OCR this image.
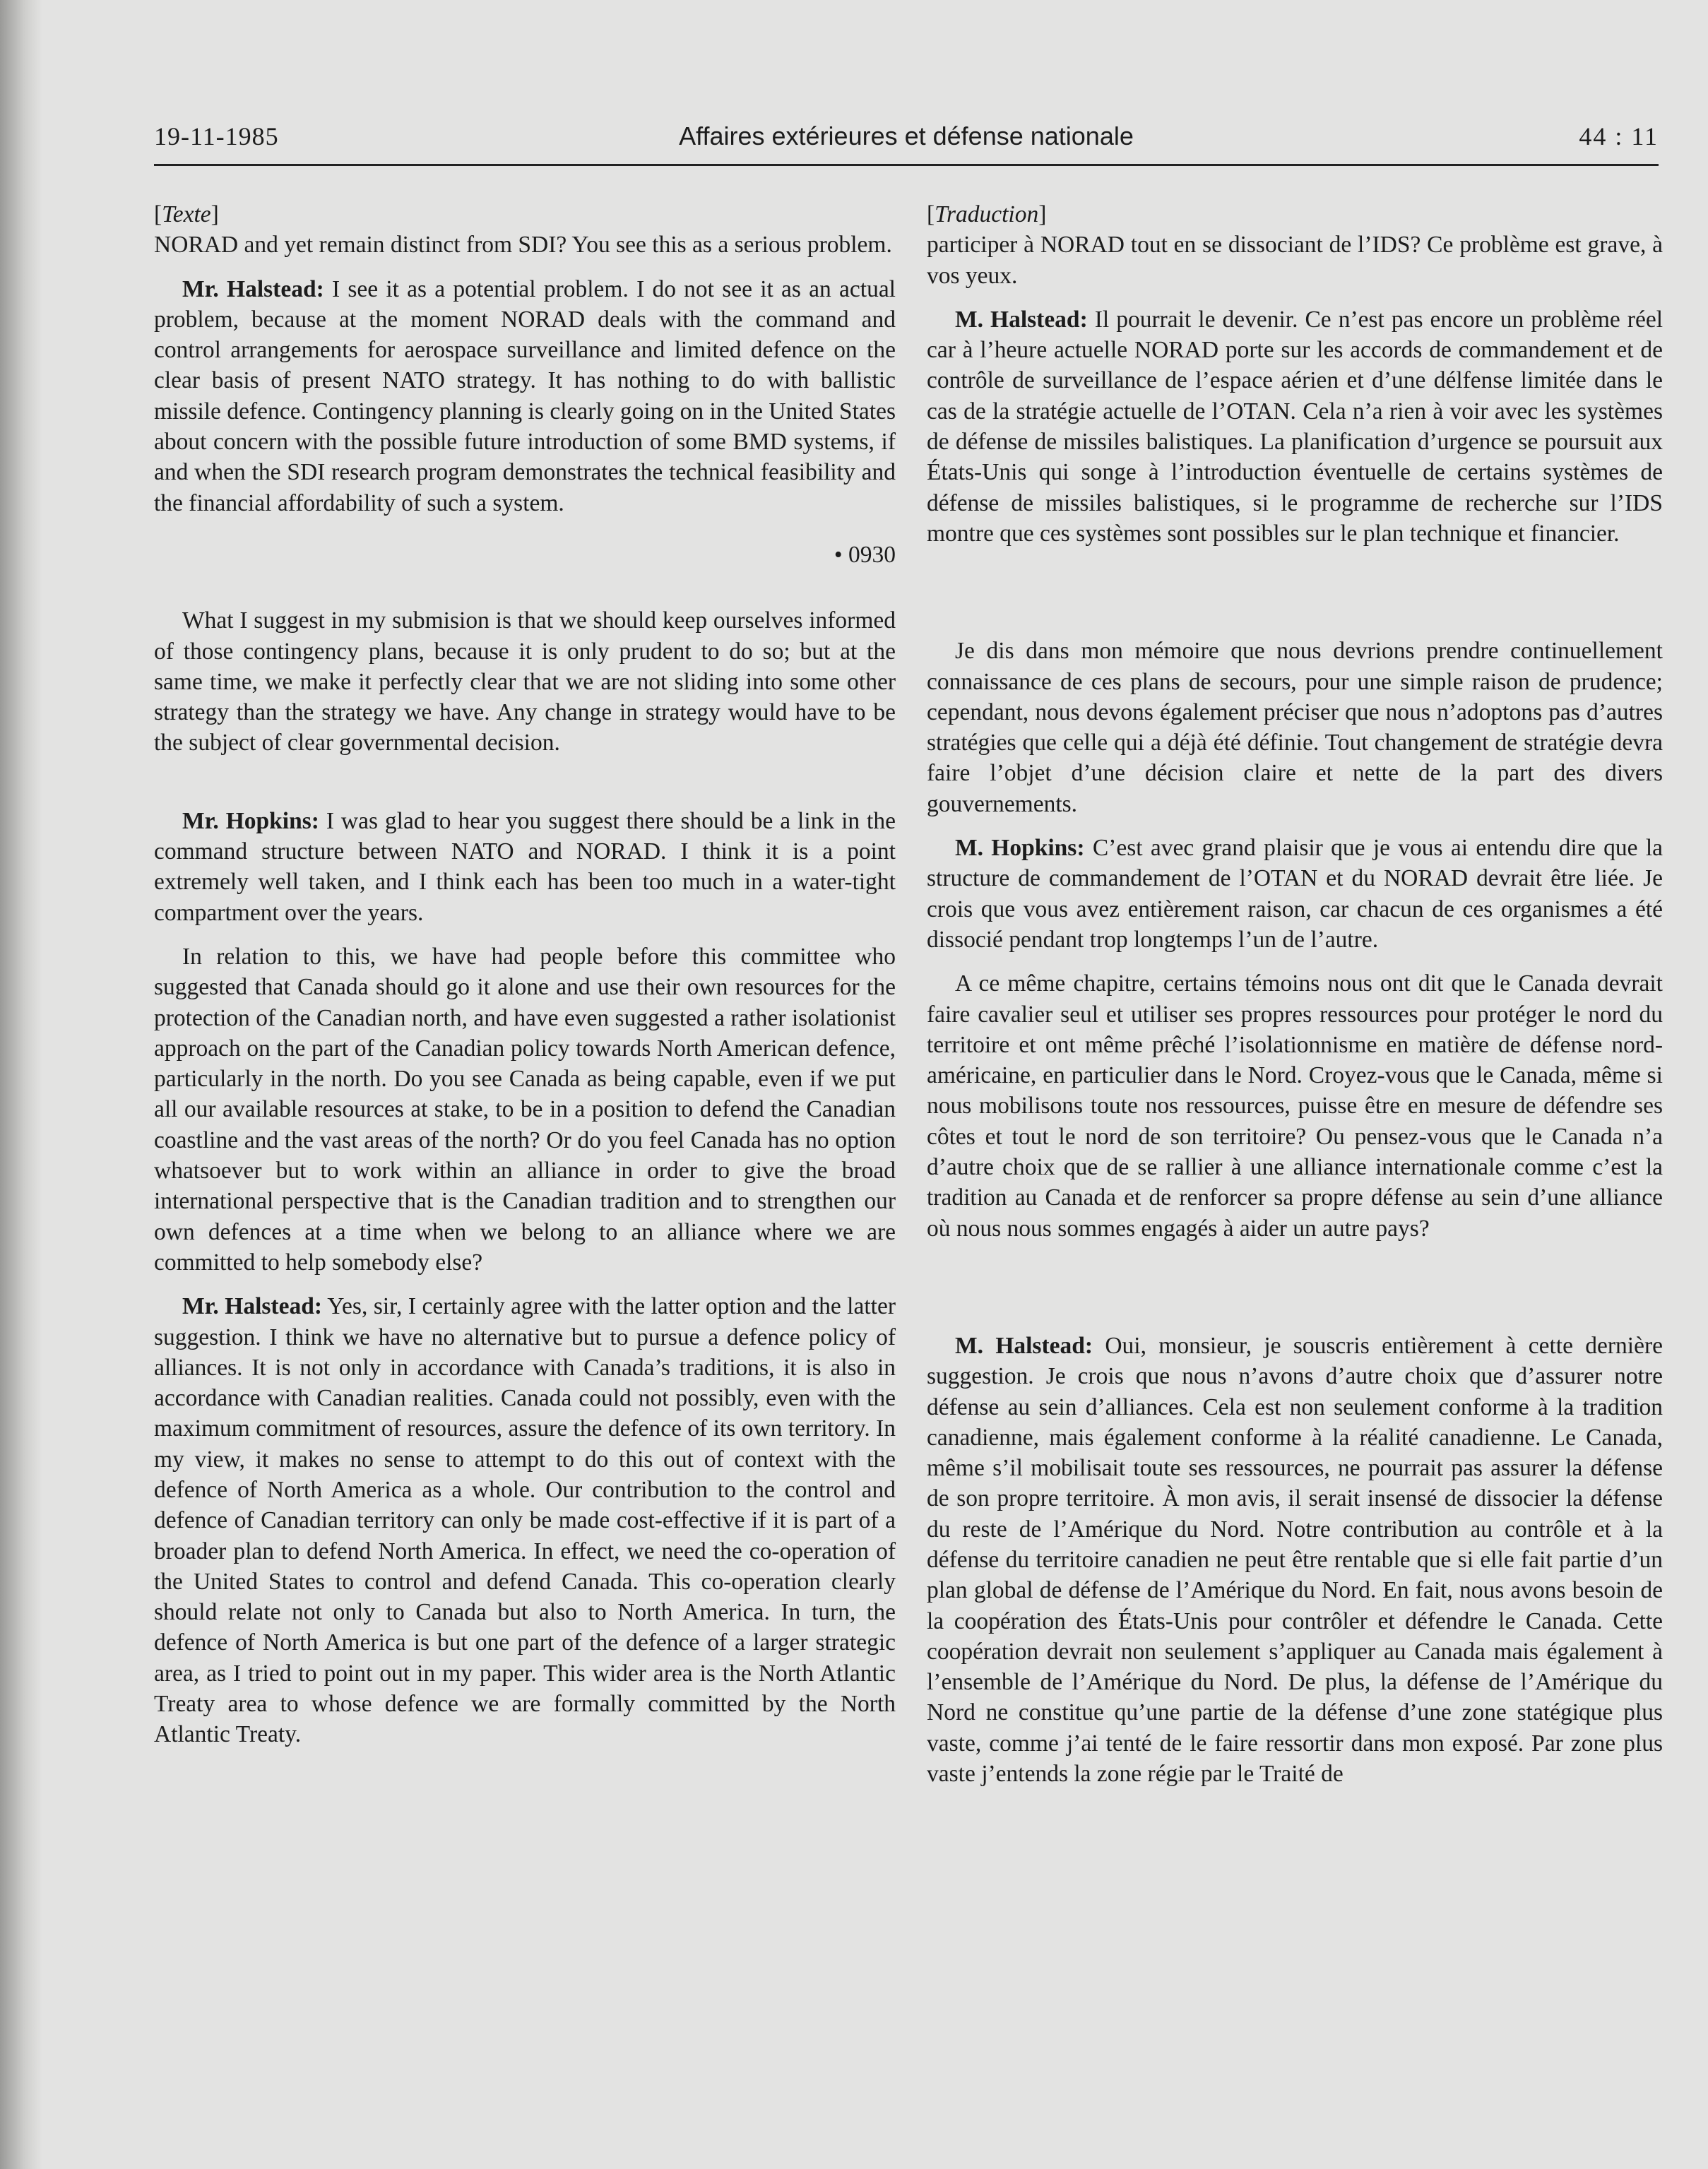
19-11-1985	Affaires extérieures et défense nationale	44 : 11

[Texte]

NORAD and yet remain distinct from SDI? You see this as a serious problem.

Mr. Halstead: I see it as a potential problem. I do not see it as an actual problem, because at the moment NORAD deals with the command and control arrangements for aerospace surveillance and limited defence on the clear basis of present NATO strategy. It has nothing to do with ballistic missile defence. Contingency planning is clearly going on in the United States about concern with the possible future introduction of some BMD systems, if and when the SDI research program demonstrates the technical feasibility and the financial affordability of such a system.

• 0930

What I suggest in my submision is that we should keep ourselves informed of those contingency plans, because it is only prudent to do so; but at the same time, we make it perfectly clear that we are not sliding into some other strategy than the strategy we have. Any change in strategy would have to be the subject of clear governmental decision.

Mr. Hopkins: I was glad to hear you suggest there should be a link in the command structure between NATO and NORAD. I think it is a point extremely well taken, and I think each has been too much in a water-tight compartment over the years.

In relation to this, we have had people before this committee who suggested that Canada should go it alone and use their own resources for the protection of the Canadian north, and have even suggested a rather isolationist approach on the part of the Canadian policy towards North American defence, particularly in the north. Do you see Canada as being capable, even if we put all our available resources at stake, to be in a position to defend the Canadian coastline and the vast areas of the north? Or do you feel Canada has no option whatsoever but to work within an alliance in order to give the broad international perspective that is the Canadian tradition and to strengthen our own defences at a time when we belong to an alliance where we are committed to help somebody else?

Mr. Halstead: Yes, sir, I certainly agree with the latter option and the latter suggestion. I think we have no alternative but to pursue a defence policy of alliances. It is not only in accordance with Canada’s traditions, it is also in accordance with Canadian realities. Canada could not possibly, even with the maximum commitment of resources, assure the defence of its own territory. In my view, it makes no sense to attempt to do this out of context with the defence of North America as a whole. Our contribution to the control and defence of Canadian territory can only be made cost-effective if it is part of a broader plan to defend North America. In effect, we need the co-operation of the United States to control and defend Canada. This co-operation clearly should relate not only to Canada but also to North America. In turn, the defence of North America is but one part of the defence of a larger strategic area, as I tried to point out in my paper. This wider area is the North Atlantic Treaty area to whose defence we are formally committed by the North Atlantic Treaty.

[Traduction]

participer à NORAD tout en se dissociant de l’IDS? Ce problème est grave, à vos yeux.

M. Halstead: Il pourrait le devenir. Ce n’est pas encore un problème réel car à l’heure actuelle NORAD porte sur les accords de commandement et de contrôle de surveillance de l’espace aérien et d’une délfense limitée dans le cas de la stratégie actuelle de l’OTAN. Cela n’a rien à voir avec les systèmes de défense de missiles balistiques. La planification d’urgence se poursuit aux États-Unis qui songe à l’introduction éventuelle de certains systèmes de défense de missiles balistiques, si le programme de recherche sur l’IDS montre que ces systèmes sont possibles sur le plan technique et financier.

Je dis dans mon mémoire que nous devrions prendre continuellement connaissance de ces plans de secours, pour une simple raison de prudence; cependant, nous devons également préciser que nous n’adoptons pas d’autres stratégies que celle qui a déjà été définie. Tout changement de stratégie devra faire l’objet d’une décision claire et nette de la part des divers gouvernements.

M. Hopkins: C’est avec grand plaisir que je vous ai entendu dire que la structure de commandement de l’OTAN et du NORAD devrait être liée. Je crois que vous avez entièrement raison, car chacun de ces organismes a été dissocié pendant trop longtemps l’un de l’autre.

A ce même chapitre, certains témoins nous ont dit que le Canada devrait faire cavalier seul et utiliser ses propres ressources pour protéger le nord du territoire et ont même prêché l’isolationnisme en matière de défense nord-américaine, en particulier dans le Nord. Croyez-vous que le Canada, même si nous mobilisons toute nos ressources, puisse être en mesure de défendre ses côtes et tout le nord de son territoire? Ou pensez-vous que le Canada n’a d’autre choix que de se rallier à une alliance internationale comme c’est la tradition au Canada et de renforcer sa propre défense au sein d’une alliance où nous nous sommes engagés à aider un autre pays?

M. Halstead: Oui, monsieur, je souscris entièrement à cette dernière suggestion. Je crois que nous n’avons d’autre choix que d’assurer notre défense au sein d’alliances. Cela est non seulement conforme à la tradition canadienne, mais également conforme à la réalité canadienne. Le Canada, même s’il mobilisait toute ses ressources, ne pourrait pas assurer la défense de son propre territoire. À mon avis, il serait insensé de dissocier la défense du reste de l’Amérique du Nord. Notre contribution au contrôle et à la défense du territoire canadien ne peut être rentable que si elle fait partie d’un plan global de défense de l’Amérique du Nord. En fait, nous avons besoin de la coopération des États-Unis pour contrôler et défendre le Canada. Cette coopération devrait non seulement s’appliquer au Canada mais également à l’ensemble de l’Amérique du Nord. De plus, la défense de l’Amérique du Nord ne constitue qu’une partie de la défense d’une zone statégique plus vaste, comme j’ai tenté de le faire ressortir dans mon exposé. Par zone plus vaste j’entends la zone régie par le Traité de
